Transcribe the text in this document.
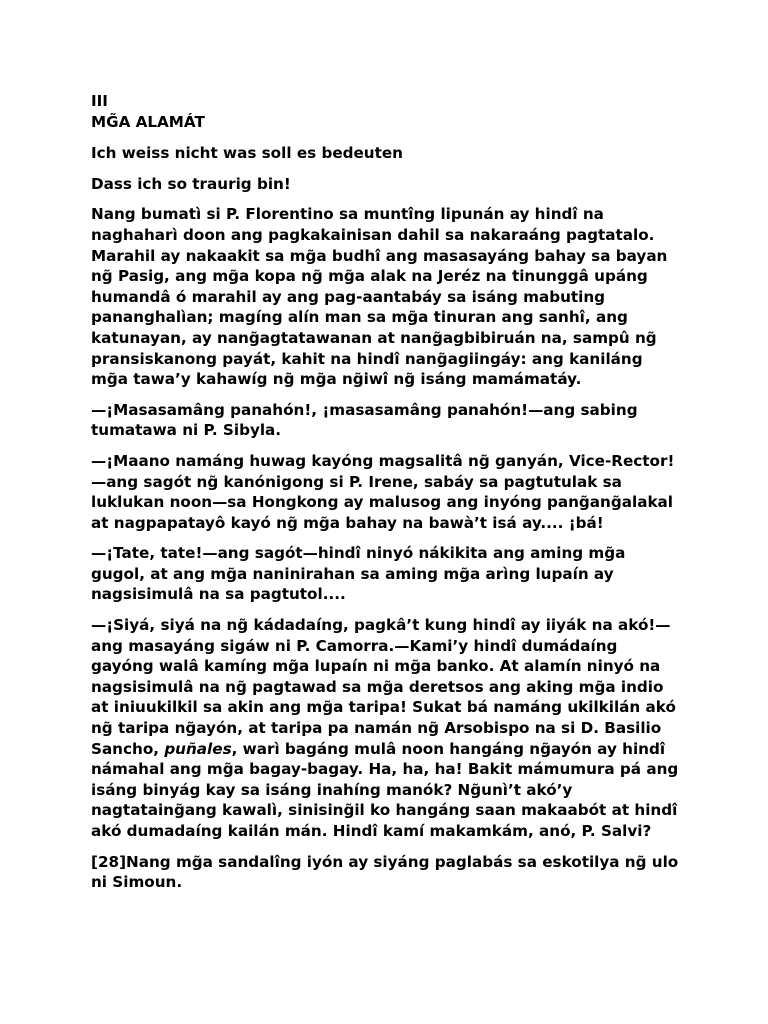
III
MG̃A ALAMÁT

Ich weiss nicht was soll es bedeuten

Dass ich so traurig bin!

Nang bumatì si P. Florentino sa muntîng lipunán ay hindî na
naghaharì doon ang pagkakainisan dahil sa nakaraáng pagtatalo.
Marahil ay nakaakit sa mg̃a budhî ang masasayáng bahay sa bayan
ng̃ Pasig, ang mg̃a kopa ng̃ mg̃a alak na Jeréz na tinunggâ upáng
humandâ ó marahil ay ang pag-aantabáy sa isáng mabuting
pananghalìan; magíng alín man sa mg̃a tinuran ang sanhî, ang
katunayan, ay nang̃agtatawanan at nang̃agbibiruán na, sampû ng̃
pransiskanong payát, kahit na hindî nang̃agiingáy: ang kaniláng
mg̃a tawa’y kahawíg ng̃ mg̃a ng̃iwî ng̃ isáng mamámatáy.

—¡Masasamâng panahón!, ¡masasamâng panahón!—ang sabing
tumatawa ni P. Sibyla.

—¡Maano namáng huwag kayóng magsalitâ ng̃ ganyán, Vice-Rector!
—ang sagót ng̃ kanónigong si P. Irene, sabáy sa pagtutulak sa
luklukan noon—sa Hongkong ay malusog ang inyóng pang̃ang̃alakal
at nagpapatayô kayó ng̃ mg̃a bahay na bawà’t isá ay.... ¡bá!

—¡Tate, tate!—ang sagót—hindî ninyó nákikita ang aming mg̃a
gugol, at ang mg̃a naninirahan sa aming mg̃a arìng lupaín ay
nagsisimulâ na sa pagtutol....

—¡Siyá, siyá na ng̃ kádadaíng, pagkâ’t kung hindî ay iiyák na akó!—
ang masayáng sigáw ni P. Camorra.—Kami’y hindî dumádaíng
gayóng walâ kamíng mg̃a lupaín ni mg̃a banko. At alamín ninyó na
nagsisimulâ na ng̃ pagtawad sa mg̃a deretsos ang aking mg̃a indio
at iniuukilkil sa akin ang mg̃a taripa! Sukat bá namáng ukilkilán akó
ng̃ taripa ng̃ayón, at taripa pa namán ng̃ Arsobispo na si D. Basilio
Sancho, puñales, warì bagáng mulâ noon hangáng ng̃ayón ay hindî
námahal ang mg̃a bagay-bagay. Ha, ha, ha! Bakit mámumura pá ang
isáng binyág kay sa isáng inahíng manók? Ng̃unì’t akó’y
nagtataing̃ang kawalì, sinising̃il ko hangáng saan makaabót at hindî
akó dumadaíng kailán mán. Hindî kamí makamkám, anó, P. Salvi?

[28]Nang mg̃a sandalîng iyón ay siyáng paglabás sa eskotilya ng̃ ulo
ni Simoun.
